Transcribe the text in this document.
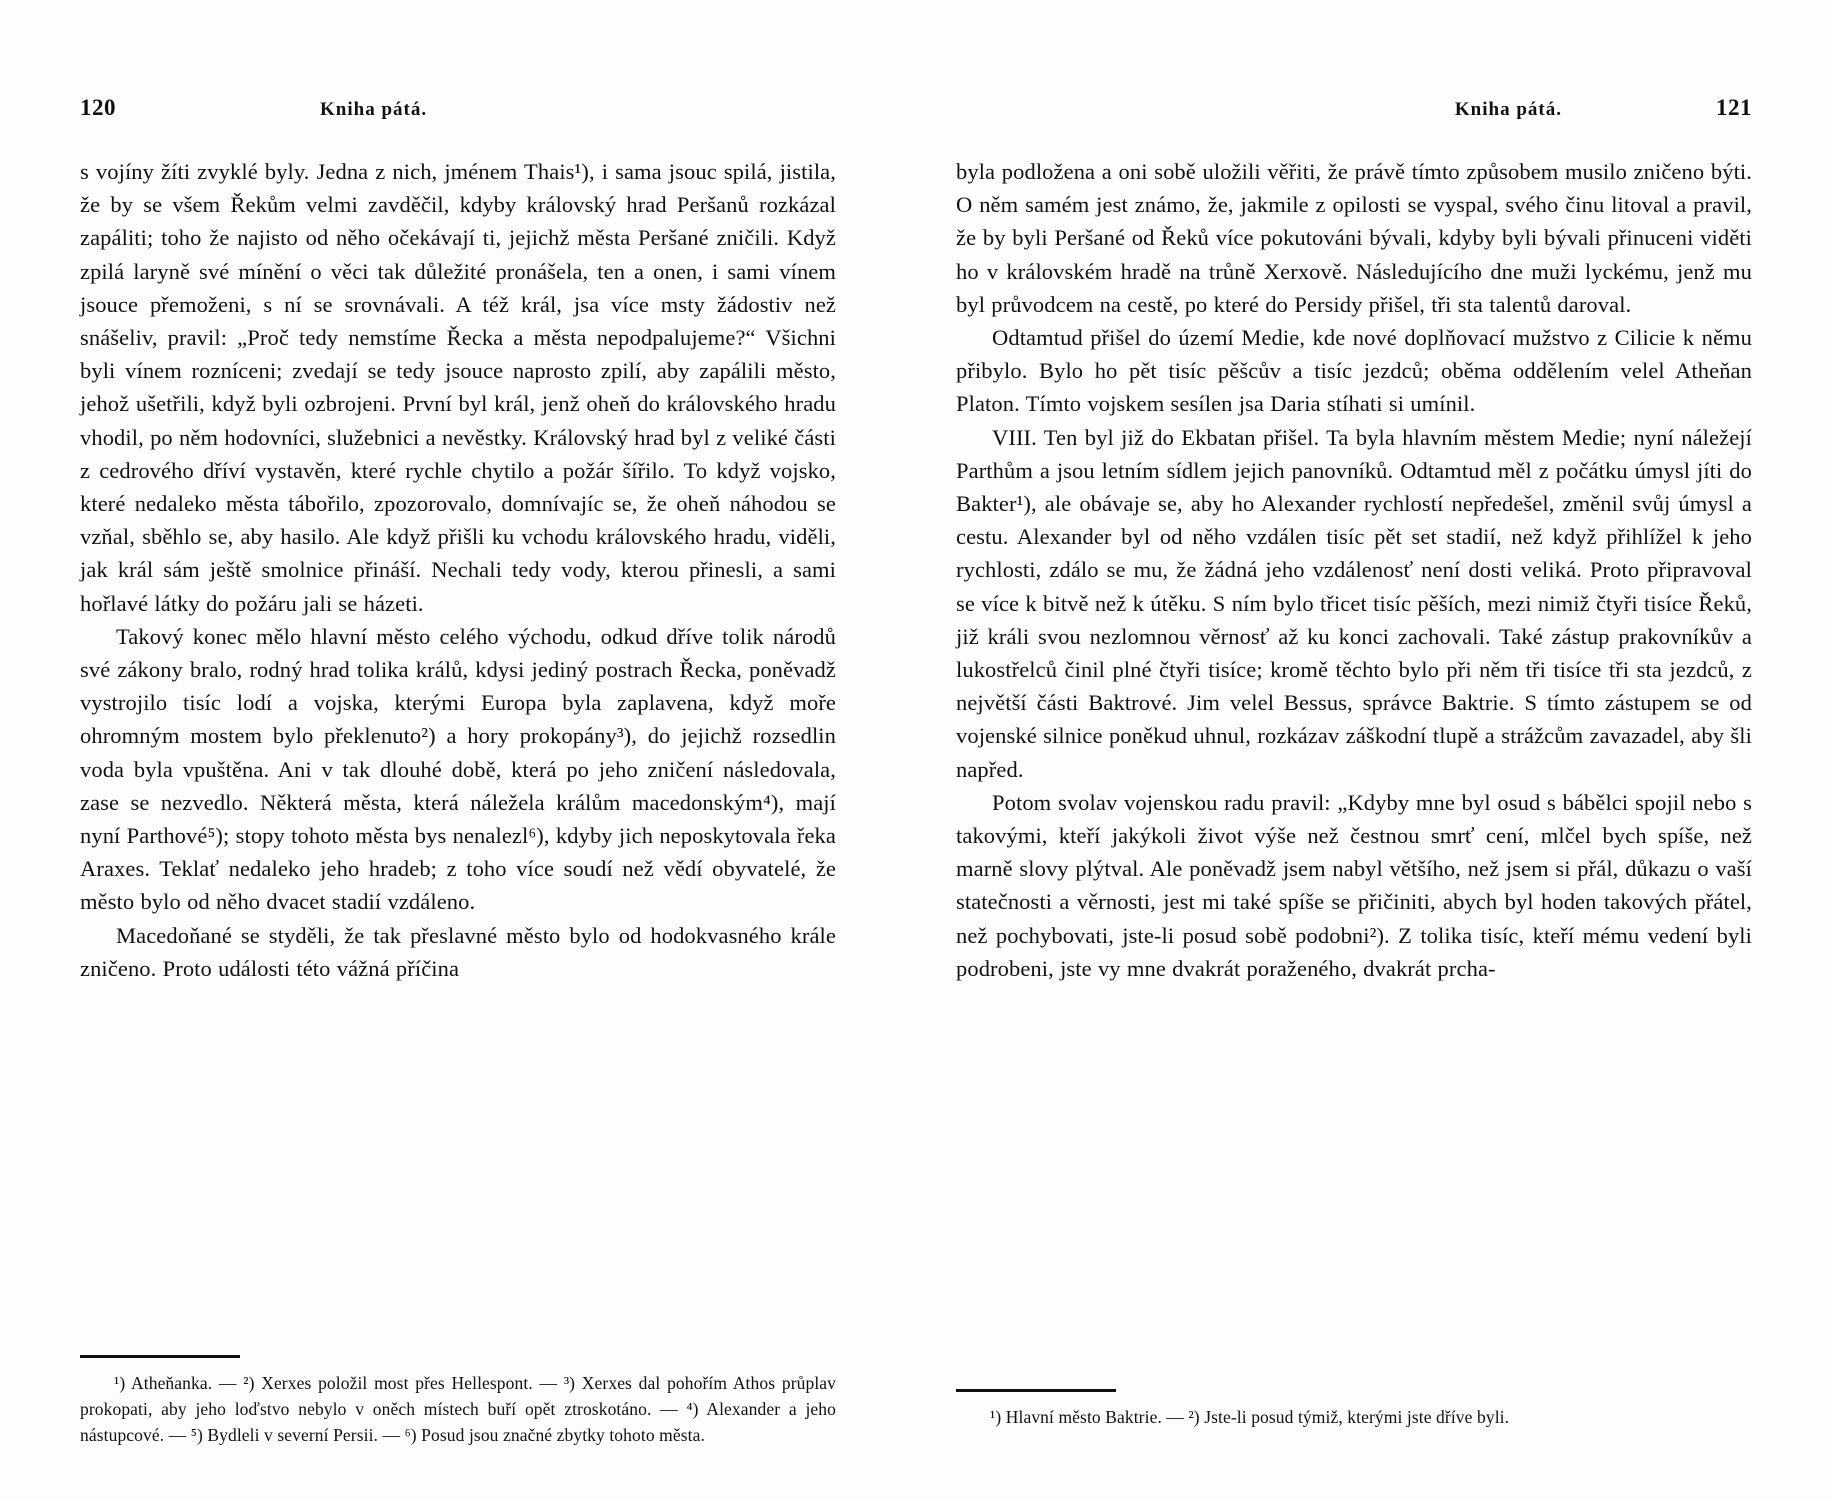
120	Kniha pátá.

s vojíny žíti zvyklé byly. Jedna z nich, jménem Thais¹), i sama jsouc spilá, jistila, že by se všem Řekům velmi zavděčil, kdyby královský hrad Peršanů rozkázal zapáliti; toho že najisto od něho očekávají ti, jejichž města Peršané zničili. Když zpilá laryně své mínění o věci tak důležité pronášela, ten a onen, i sami vínem jsouce přemoženi, s ní se srovnávali. A též král, jsa více msty žádostiv než snášeliv, pravil: „Proč tedy nemstíme Řecka a města nepodpalujeme?“ Všichni byli vínem rozníceni; zvedají se tedy jsouce naprosto zpilí, aby zapálili město, jehož ušetřili, když byli ozbrojeni. První byl král, jenž oheň do královského hradu vhodil, po něm hodovníci, služebnici a nevěstky. Královský hrad byl z veliké části z cedrového dříví vystavěn, které rychle chytilo a požár šířilo. To když vojsko, které nedaleko města tábořilo, zpozorovalo, domnívajíc se, že oheň náhodou se vzňal, sběhlo se, aby hasilo. Ale když přišli ku vchodu královského hradu, viděli, jak král sám ještě smolnice přináší. Nechali tedy vody, kterou přinesli, a sami hořlavé látky do požáru jali se házeti.

Takový konec mělo hlavní město celého východu, odkud dříve tolik národů své zákony bralo, rodný hrad tolika králů, kdysi jediný postrach Řecka, poněvadž vystrojilo tisíc lodí a vojska, kterými Europa byla zaplavena, když moře ohromným mostem bylo překlenuto²) a hory prokopány³), do jejichž rozsedlin voda byla vpuštěna. Ani v tak dlouhé době, která po jeho zničení následovala, zase se nezvedlo. Některá města, která náležela králům macedonským⁴), mají nyní Parthové⁵); stopy tohoto města bys nenalezl⁶), kdyby jich neposkytovala řeka Araxes. Teklať nedaleko jeho hradeb; z toho více soudí než vědí obyvatelé, že město bylo od něho dvacet stadií vzdáleno.

Macedoňané se styděli, že tak přeslavné město bylo od hodokvasného krále zničeno. Proto události této vážná příčina

¹) Atheňanka. — ²) Xerxes položil most přes Hellespont. — ³) Xerxes dal pohořím Athos průplav prokopati, aby jeho loďstvo nebylo v oněch místech buří opět ztroskotáno. — ⁴) Alexander a jeho nástupcové. — ⁵) Bydleli v severní Persii. — ⁶) Posud jsou značné zbytky tohoto města.

Kniha pátá.	121

byla podložena a oni sobě uložili věřiti, že právě tímto způsobem musilo zničeno býti. O něm samém jest známo, že, jakmile z opilosti se vyspal, svého činu litoval a pravil, že by byli Peršané od Řeků více pokutováni bývali, kdyby byli bývali přinuceni viděti ho v královském hradě na trůně Xerxově. Následujícího dne muži lyckému, jenž mu byl průvodcem na cestě, po které do Persidy přišel, tři sta talentů daroval.

Odtamtud přišel do území Medie, kde nové doplňovací mužstvo z Cilicie k němu přibylo. Bylo ho pět tisíc pěšcův a tisíc jezdců; oběma oddělením velel Atheňan Platon. Tímto vojskem sesílen jsa Daria stíhati si umínil.

VIII. Ten byl již do Ekbatan přišel. Ta byla hlavním městem Medie; nyní náležejí Parthům a jsou letním sídlem jejich panovníků. Odtamtud měl z počátku úmysl jíti do Bakter¹), ale obávaje se, aby ho Alexander rychlostí nepředešel, změnil svůj úmysl a cestu. Alexander byl od něho vzdálen tisíc pět set stadií, než když přihlížel k jeho rychlosti, zdálo se mu, že žádná jeho vzdálenosť není dosti veliká. Proto připravoval se více k bitvě než k útěku. S ním bylo třicet tisíc pěších, mezi nimiž čtyři tisíce Řeků, již králi svou nezlomnou věrnosť až ku konci zachovali. Také zástup prakovníkův a lukostřelců činil plné čtyři tisíce; kromě těchto bylo při něm tři tisíce tři sta jezdců, z největší části Baktrové. Jim velel Bessus, správce Baktrie. S tímto zástupem se od vojenské silnice poněkud uhnul, rozkázav záškodní tlupě a strážcům zavazadel, aby šli napřed.

Potom svolav vojenskou radu pravil: „Kdyby mne byl osud s bábělci spojil nebo s takovými, kteří jakýkoli život výše než čestnou smrť cení, mlčel bych spíše, než marně slovy plýtval. Ale poněvadž jsem nabyl většího, než jsem si přál, důkazu o vaší statečnosti a věrnosti, jest mi také spíše se přičiniti, abych byl hoden takových přátel, než pochybovati, jste-li posud sobě podobni²). Z tolika tisíc, kteří mému vedení byli podrobeni, jste vy mne dvakrát poraženého, dvakrát prcha-

¹) Hlavní město Baktrie. — ²) Jste-li posud týmiž, kterými jste dříve byli.
